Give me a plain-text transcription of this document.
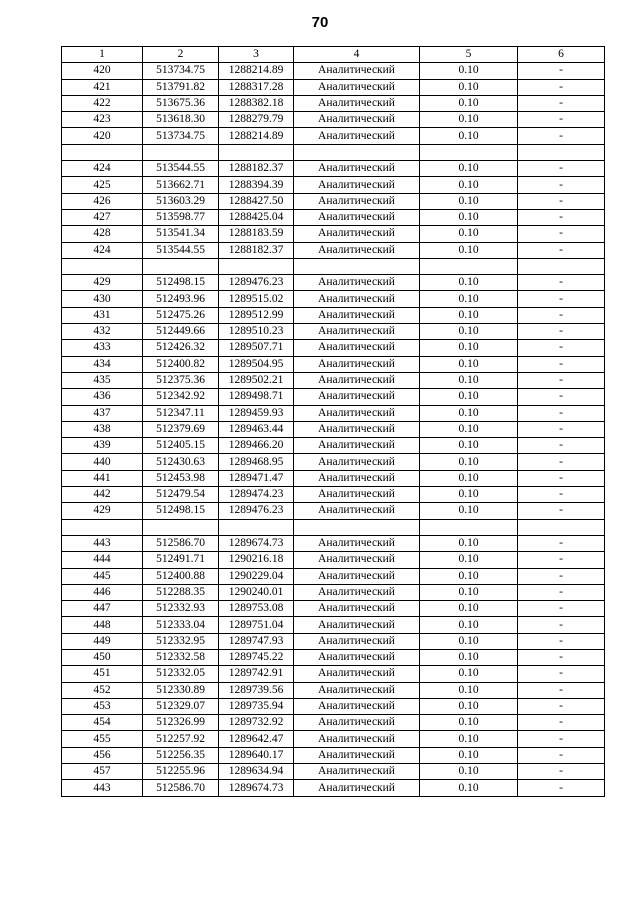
70
1	2	3	4	5	6
420	513734.75	1288214.89	Аналитический	0.10	-
421	513791.82	1288317.28	Аналитический	0.10	-
422	513675.36	1288382.18	Аналитический	0.10	-
423	513618.30	1288279.79	Аналитический	0.10	-
420	513734.75	1288214.89	Аналитический	0.10	-

424	513544.55	1288182.37	Аналитический	0.10	-
425	513662.71	1288394.39	Аналитический	0.10	-
426	513603.29	1288427.50	Аналитический	0.10	-
427	513598.77	1288425.04	Аналитический	0.10	-
428	513541.34	1288183.59	Аналитический	0.10	-
424	513544.55	1288182.37	Аналитический	0.10	-

429	512498.15	1289476.23	Аналитический	0.10	-
430	512493.96	1289515.02	Аналитический	0.10	-
431	512475.26	1289512.99	Аналитический	0.10	-
432	512449.66	1289510.23	Аналитический	0.10	-
433	512426.32	1289507.71	Аналитический	0.10	-
434	512400.82	1289504.95	Аналитический	0.10	-
435	512375.36	1289502.21	Аналитический	0.10	-
436	512342.92	1289498.71	Аналитический	0.10	-
437	512347.11	1289459.93	Аналитический	0.10	-
438	512379.69	1289463.44	Аналитический	0.10	-
439	512405.15	1289466.20	Аналитический	0.10	-
440	512430.63	1289468.95	Аналитический	0.10	-
441	512453.98	1289471.47	Аналитический	0.10	-
442	512479.54	1289474.23	Аналитический	0.10	-
429	512498.15	1289476.23	Аналитический	0.10	-

443	512586.70	1289674.73	Аналитический	0.10	-
444	512491.71	1290216.18	Аналитический	0.10	-
445	512400.88	1290229.04	Аналитический	0.10	-
446	512288.35	1290240.01	Аналитический	0.10	-
447	512332.93	1289753.08	Аналитический	0.10	-
448	512333.04	1289751.04	Аналитический	0.10	-
449	512332.95	1289747.93	Аналитический	0.10	-
450	512332.58	1289745.22	Аналитический	0.10	-
451	512332.05	1289742.91	Аналитический	0.10	-
452	512330.89	1289739.56	Аналитический	0.10	-
453	512329.07	1289735.94	Аналитический	0.10	-
454	512326.99	1289732.92	Аналитический	0.10	-
455	512257.92	1289642.47	Аналитический	0.10	-
456	512256.35	1289640.17	Аналитический	0.10	-
457	512255.96	1289634.94	Аналитический	0.10	-
443	512586.70	1289674.73	Аналитический	0.10	-
